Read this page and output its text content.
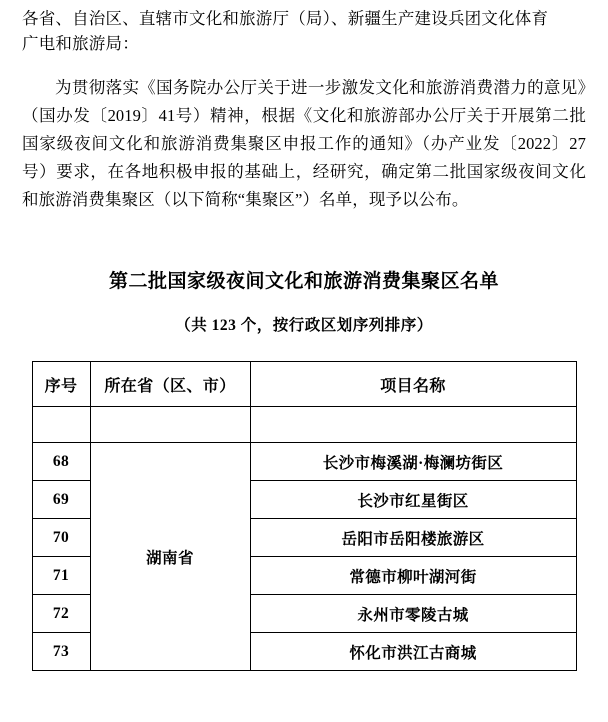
各省、自治区、直辖市文化和旅游厅（局）、新疆生产建设兵团文化体育
广电和旅游局：
为贯彻落实《国务院办公厅关于进一步激发文化和旅游消费潜力的意见》（国办发〔2019〕41号）精神，根据《文化和旅游部办公厅关于开展第二批国家级夜间文化和旅游消费集聚区申报工作的通知》（办产业发〔2022〕27号）要求，在各地积极申报的基础上，经研究，确定第二批国家级夜间文化和旅游消费集聚区（以下简称“集聚区”）名单，现予以公布。
第二批国家级夜间文化和旅游消费集聚区名单
（共 123 个，按行政区划序列排序）
序号	所在省（区、市）	项目名称

68	湖南省	长沙市梅溪湖·梅澜坊街区
69		长沙市红星街区
70		岳阳市岳阳楼旅游区
71		常德市柳叶湖河街
72		永州市零陵古城
73		怀化市洪江古商城
